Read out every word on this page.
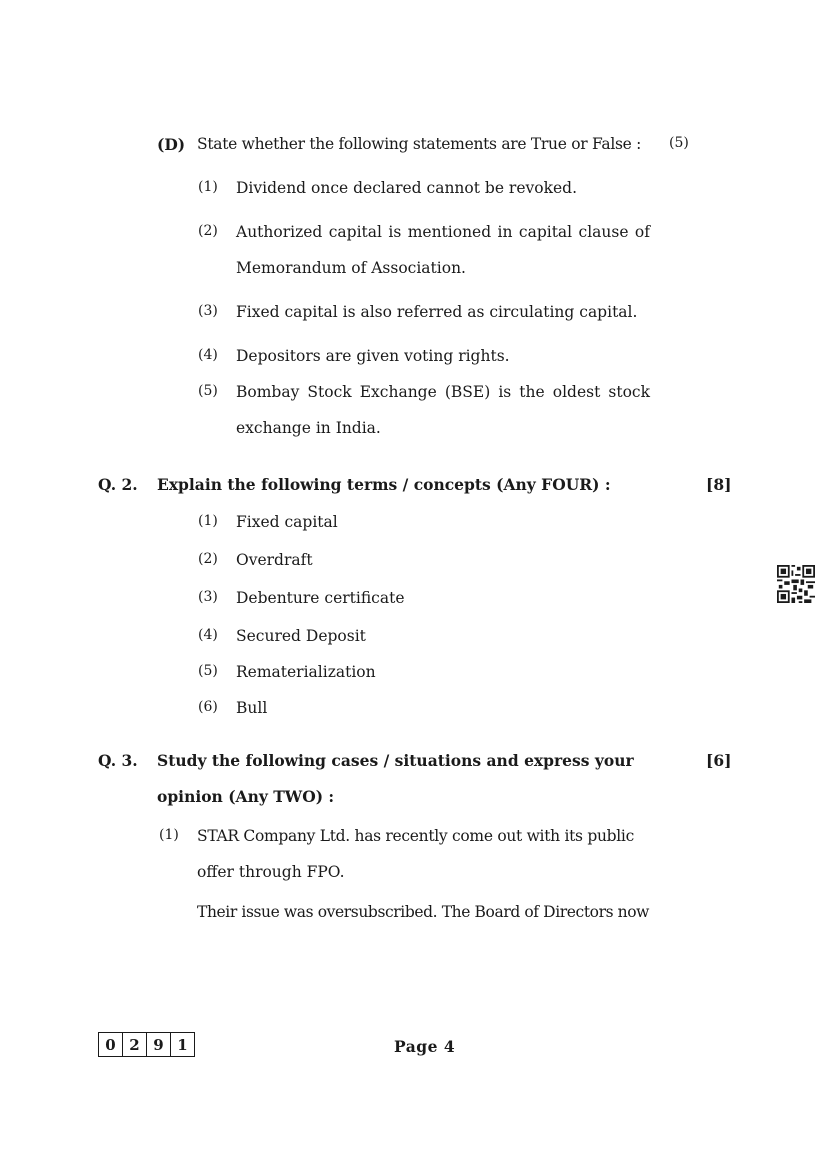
(D) State whether the following statements are True or False : (5)
(1) Dividend once declared cannot be revoked.
(2) Authorized capital is mentioned in capital clause of
Memorandum of Association.
(3) Fixed capital is also referred as circulating capital.
(4) Depositors are given voting rights.
(5) Bombay Stock Exchange (BSE) is the oldest stock
exchange in India.
Q. 2. Explain the following terms / concepts (Any FOUR) :	[8]
(1) Fixed capital
(2) Overdraft
(3) Debenture certificate
(4) Secured Deposit
(5) Rematerialization
(6) Bull
Q. 3. Study the following cases / situations and express your
opinion (Any TWO) :
[6]
(1) STAR Company Ltd. has recently come out with its public
offer through FPO.
Their issue was oversubscribed. The Board of Directors now
0 2 9 1	Page 4
